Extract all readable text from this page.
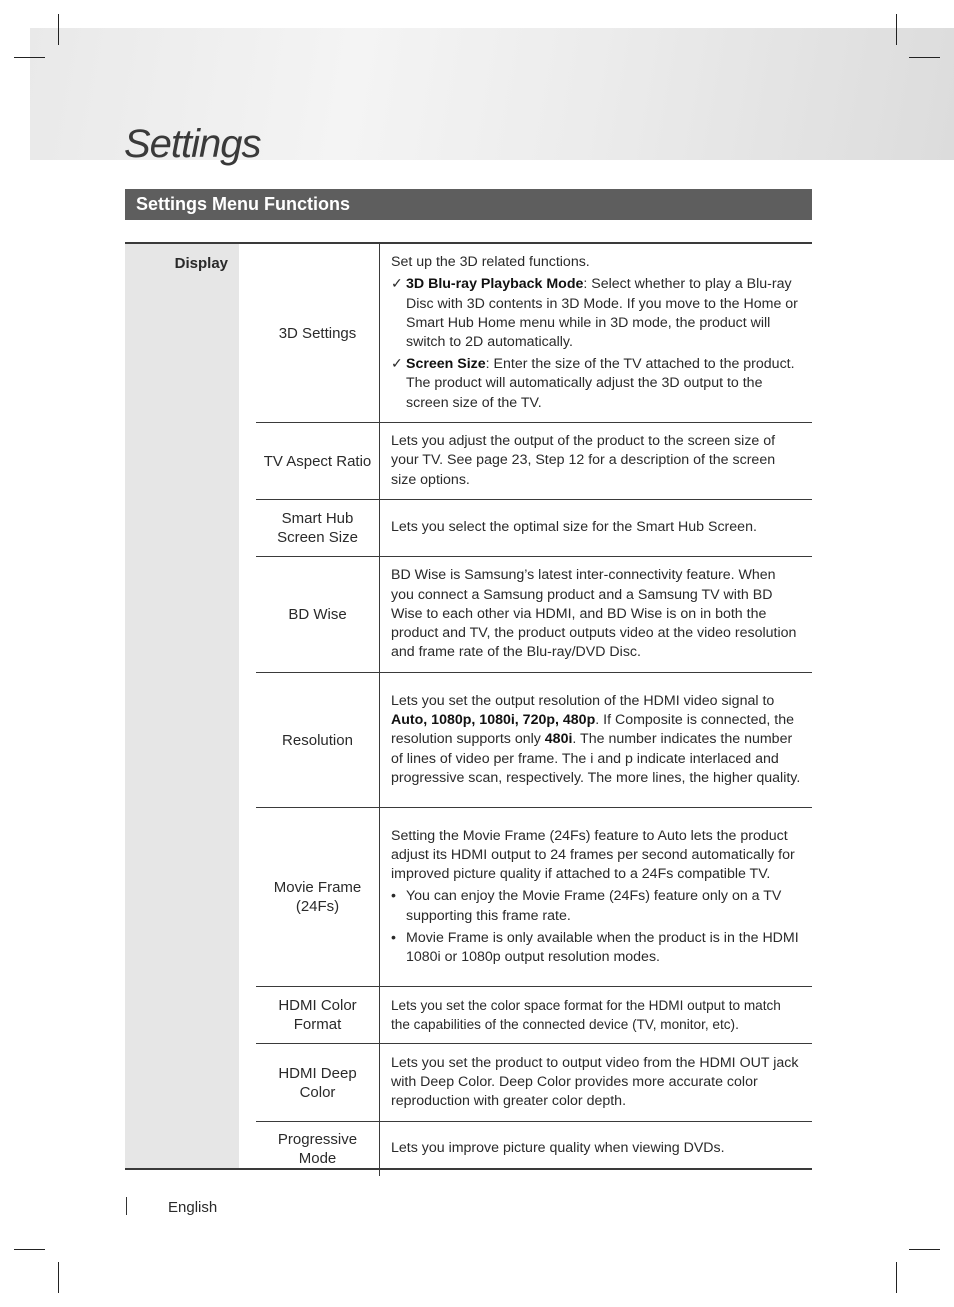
Settings
Settings Menu Functions
Display
3D Settings

Set up the 3D related functions.

✓ 3D Blu-ray Playback Mode: Select whether to play a Blu-ray Disc with 3D contents in 3D Mode. If you move to the Home or Smart Hub Home menu while in 3D mode, the product will switch to 2D automatically.
✓ Screen Size: Enter the size of the TV attached to the product. The product will automatically adjust the 3D output to the screen size of the TV.
TV Aspect Ratio

Lets you adjust the output of the product to the screen size of your TV. See page 23, Step 12 for a description of the screen size options.

Smart Hub Screen Size

Lets you select the optimal size for the Smart Hub Screen.

BD Wise

BD Wise is Samsung’s latest inter-connectivity feature. When you connect a Samsung product and a Samsung TV with BD Wise to each other via HDMI, and BD Wise is on in both the product and TV, the product outputs video at the video resolution and frame rate of the Blu-ray/DVD Disc.

Resolution

Lets you set the output resolution of the HDMI video signal to Auto, 1080p, 1080i, 720p, 480p. If Composite is connected, the resolution supports only 480i. The number indicates the number of lines of video per frame. The i and p indicate interlaced and progressive scan, respectively. The more lines, the higher quality.

Movie Frame (24Fs)

Setting the Movie Frame (24Fs) feature to Auto lets the product adjust its HDMI output to 24 frames per second automatically for improved picture quality if attached to a 24Fs compatible TV.

• You can enjoy the Movie Frame (24Fs) feature only on a TV supporting this frame rate.
• Movie Frame is only available when the product is in the HDMI 1080i or 1080p output resolution modes.
HDMI Color Format

Lets you set the color space format for the HDMI output to match the capabilities of the connected device (TV, monitor, etc).

HDMI Deep Color

Lets you set the product to output video from the HDMI OUT jack with Deep Color. Deep Color provides more accurate color reproduction with greater color depth.

Progressive Mode

Lets you improve picture quality when viewing DVDs.

English
